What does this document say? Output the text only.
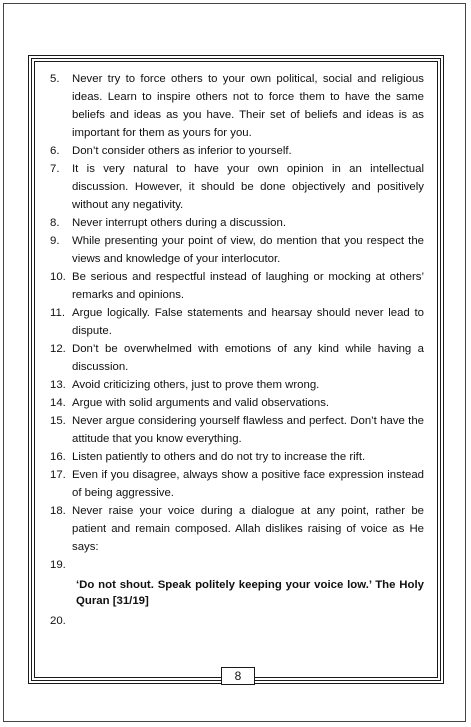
5.	Never try to force others to your own political, social and religious ideas. Learn to inspire others not to force them to have the same beliefs and ideas as you have. Their set of beliefs and ideas is as important for them as yours for you.
6.	Don’t consider others as inferior to yourself.
7.	It is very natural to have your own opinion in an intellectual discussion. However, it should be done objectively and positively without any negativity.
8.	Never interrupt others during a discussion.
9.	While presenting your point of view, do mention that you respect the views and knowledge of your interlocutor.
10. Be serious and respectful instead of laughing or mocking at others’ remarks and opinions.
11. Argue logically. False statements and hearsay should never lead to dispute.
12. Don’t be overwhelmed with emotions of any kind while having a discussion.
13. Avoid criticizing others, just to prove them wrong.
14. Argue with solid arguments and valid observations.
15. Never argue considering yourself flawless and perfect. Don’t have the attitude that you know everything.
16. Listen patiently to others and do not try to increase the rift.
17. Even if you disagree, always show a positive face expression instead of being aggressive.
18. Never raise your voice during a dialogue at any point, rather be patient and remain composed. Allah dislikes raising of voice as He says:
19.
‘Do not shout. Speak politely keeping your voice low.’ The Holy Quran [31/19]
20.
8
